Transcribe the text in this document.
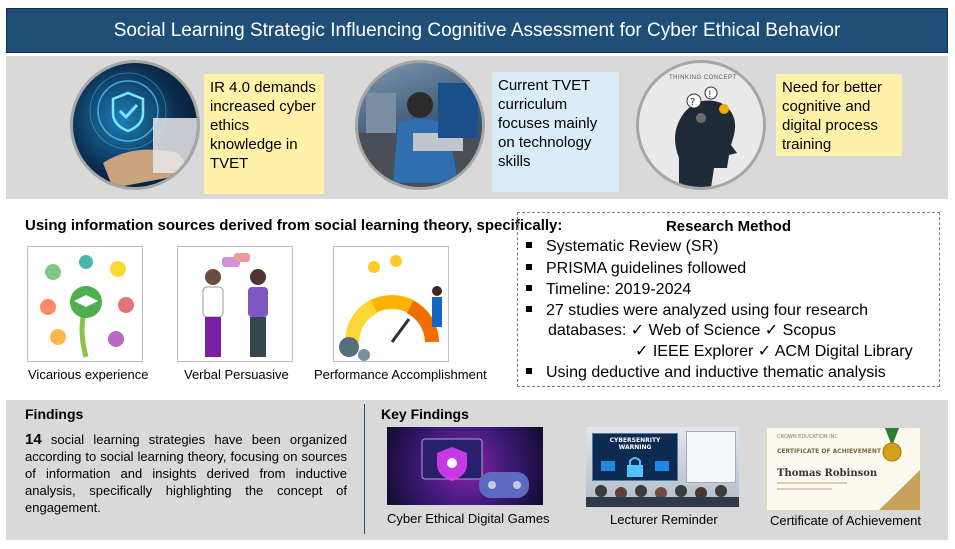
Social Learning Strategic Influencing Cognitive Assessment for Cyber Ethical Behavior
IR 4.0 demands
increased cyber
ethics
knowledge in
TVET
Current TVET
curriculum
focuses mainly
on technology
skills
THINKING CONCEPT
?
!	Need for better
cognitive and
digital process
training
Using information sources derived from social learning theory, specifically:
Vicarious experience	Verbal Persuasive Performance Accomplishment
Research Method
Systematic Review (SR)
PRISMA guidelines followed
Timeline: 2019-2024
27 studies were analyzed using four research
databases: ✓ Web of Science ✓ Scopus
✓ IEEE Explorer ✓ ACM Digital Library
Using deductive and inductive thematic analysis
Findings
14 social learning strategies have been organized according to social learning theory, focusing on sources of information and insights derived from inductive analysis, specifically highlighting the concept of engagement.
Key Findings
Cyber Ethical Digital Games
CYBERSENRITY WARNING
Lecturer Reminder
CROWN EDUCATION INC
CERTIFICATE OF ACHIEVEMENT
Thomas Robinson
Certificate of Achievement
